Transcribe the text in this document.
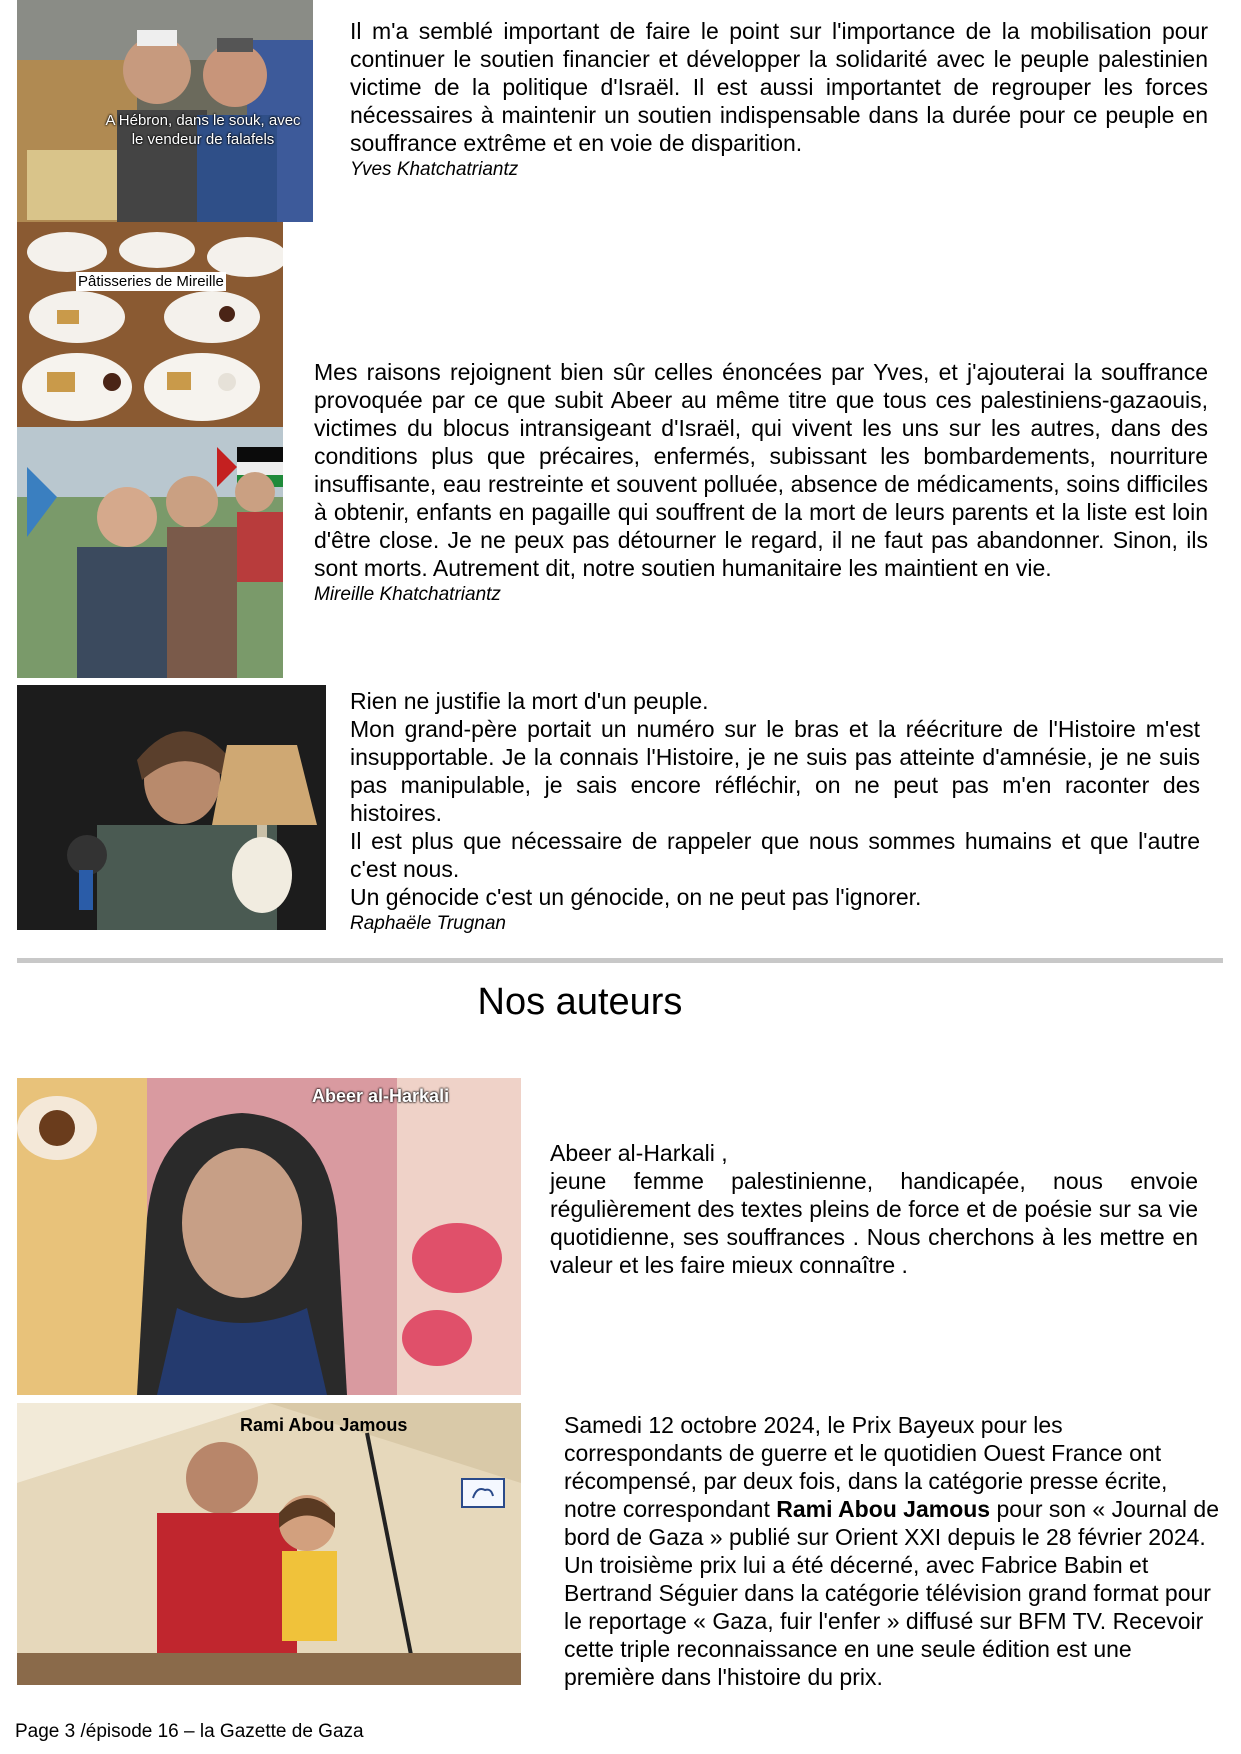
A Hébron, dans le souk, avec le vendeur de falafels
Pâtisseries de Mireille

Il m'a semblé important de faire le point sur l'importance de la mobilisation pour continuer le soutien financier et développer la solidarité avec le peuple palestinien victime de la politique d'Israël. Il est aussi importantet de regrouper les forces nécessaires à maintenir un soutien indispensable dans la durée pour ce peuple en souffrance extrême et en voie de disparition.

Yves Khatchatriantz

Mes raisons rejoignent bien sûr celles énoncées par Yves, et j'ajouterai la souffrance provoquée par ce que subit Abeer au même titre que tous ces palestiniens-gazaouis, victimes du blocus intransigeant d'Israël, qui vivent les uns sur les autres, dans des conditions plus que précaires, enfermés, subissant les bombardements, nourriture insuffisante, eau restreinte et souvent polluée, absence de médicaments, soins difficiles à obtenir, enfants en pagaille qui souffrent de la mort de leurs parents et la liste est loin d'être close. Je ne peux pas détourner le regard, il ne faut pas abandonner. Sinon, ils sont morts. Autrement dit, notre soutien humanitaire les maintient en vie.

Mireille Khatchatriantz

Rien ne justifie la mort d'un peuple.

Mon grand-père portait un numéro sur le bras et la réécriture de l'Histoire m'est insupportable. Je la connais l'Histoire, je ne suis pas atteinte d'amnésie, je ne suis pas manipulable, je sais encore réfléchir, on ne peut pas m'en raconter des histoires.

Il est plus que nécessaire de rappeler que nous sommes humains et que l'autre c'est nous.

Un génocide c'est un génocide, on ne peut pas l'ignorer.

Raphaële Trugnan
Nos auteurs
Abeer al-Harkali

Abeer al-Harkali ,

jeune femme palestinienne, handicapée, nous envoie régulièrement des textes pleins de force et de poésie sur sa vie quotidienne, ses souffrances . Nous cherchons à les mettre en valeur et les faire mieux connaître .

Rami Abou Jamous	Samedi 12 octobre 2024, le Prix Bayeux pour les correspondants de guerre et le quotidien Ouest France ont récompensé, par deux fois, dans la catégorie presse écrite, notre correspondant Rami Abou Jamous pour son « Journal de bord de Gaza » publié sur Orient XXI depuis le 28 février 2024. Un troisième prix lui a été décerné, avec Fabrice Babin et Bertrand Séguier dans la catégorie télévision grand format pour le reportage « Gaza, fuir l'enfer » diffusé sur BFM TV. Recevoir cette triple reconnaissance en une seule édition est une première dans l'histoire du prix.

Page 3 /épisode 16 – la Gazette de Gaza
